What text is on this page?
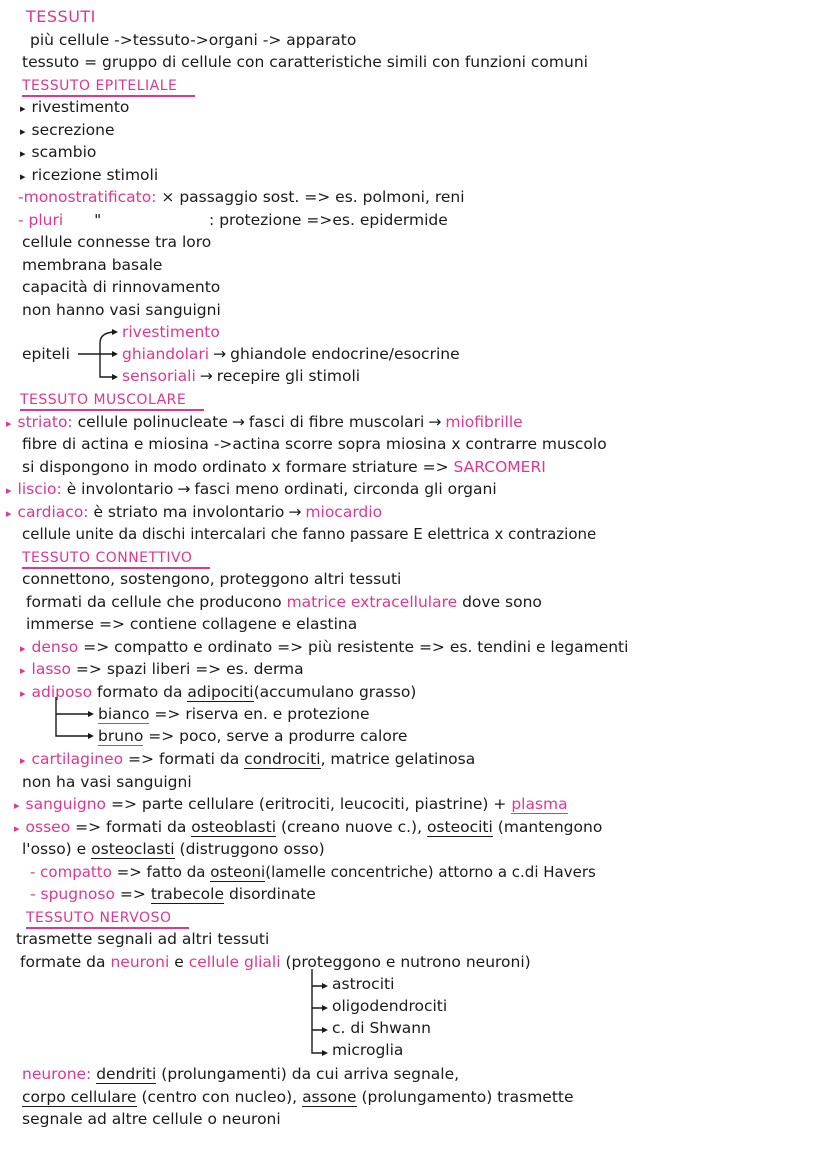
TESSUTI
più cellule ->tessuto->organi -> apparato
tessuto = gruppo di cellule con caratteristiche simili con funzioni comuni
TESSUTO EPITELIALE
▸ rivestimento
▸ secrezione
▸ scambio
▸ ricezione stimoli
-monostratificato: × passaggio sost. => es. polmoni, reni
- pluri "	: protezione =>es. epidermide
cellule connesse tra loro
membrana basale
capacità di rinnovamento
non hanno vasi sanguigni
epiteli
rivestimento
ghiandolari → ghiandole endocrine/esocrine
sensoriali → recepire gli stimoli
TESSUTO MUSCOLARE
▸ striato: cellule polinucleate → fasci di fibre muscolari → miofibrille
fibre di actina e miosina ->actina scorre sopra miosina x contrarre muscolo
si dispongono in modo ordinato x formare striature => SARCOMERI
▸ liscio: è involontario → fasci meno ordinati, circonda gli organi
▸ cardiaco: è striato ma involontario → miocardio
cellule unite da dischi intercalari che fanno passare E elettrica x contrazione
TESSUTO CONNETTIVO
connettono, sostengono, proteggono altri tessuti
formati da cellule che producono matrice extracellulare dove sono
immerse => contiene collagene e elastina
▸ denso => compatto e ordinato => più resistente => es. tendini e legamenti
▸ lasso => spazi liberi => es. derma
▸ adiposo formato da adipociti(accumulano grasso)
bianco => riserva en. e protezione
bruno => poco, serve a produrre calore
▸ cartilagineo => formati da condrociti, matrice gelatinosa
non ha vasi sanguigni
▸ sanguigno => parte cellulare (eritrociti, leucociti, piastrine) + plasma
▸ osseo => formati da osteoblasti (creano nuove c.), osteociti (mantengono
l'osso) e osteoclasti (distruggono osso)
- compatto => fatto da osteoni(lamelle concentriche) attorno a c.di Havers
- spugnoso => trabecole disordinate
TESSUTO NERVOSO
trasmette segnali ad altri tessuti
formate da neuroni e cellule gliali (proteggono e nutrono neuroni)
astrociti
oligodendrociti
c. di Shwann
microglia
neurone: dendriti (prolungamenti) da cui arriva segnale,
corpo cellulare (centro con nucleo), assone (prolungamento) trasmette
segnale ad altre cellule o neuroni
